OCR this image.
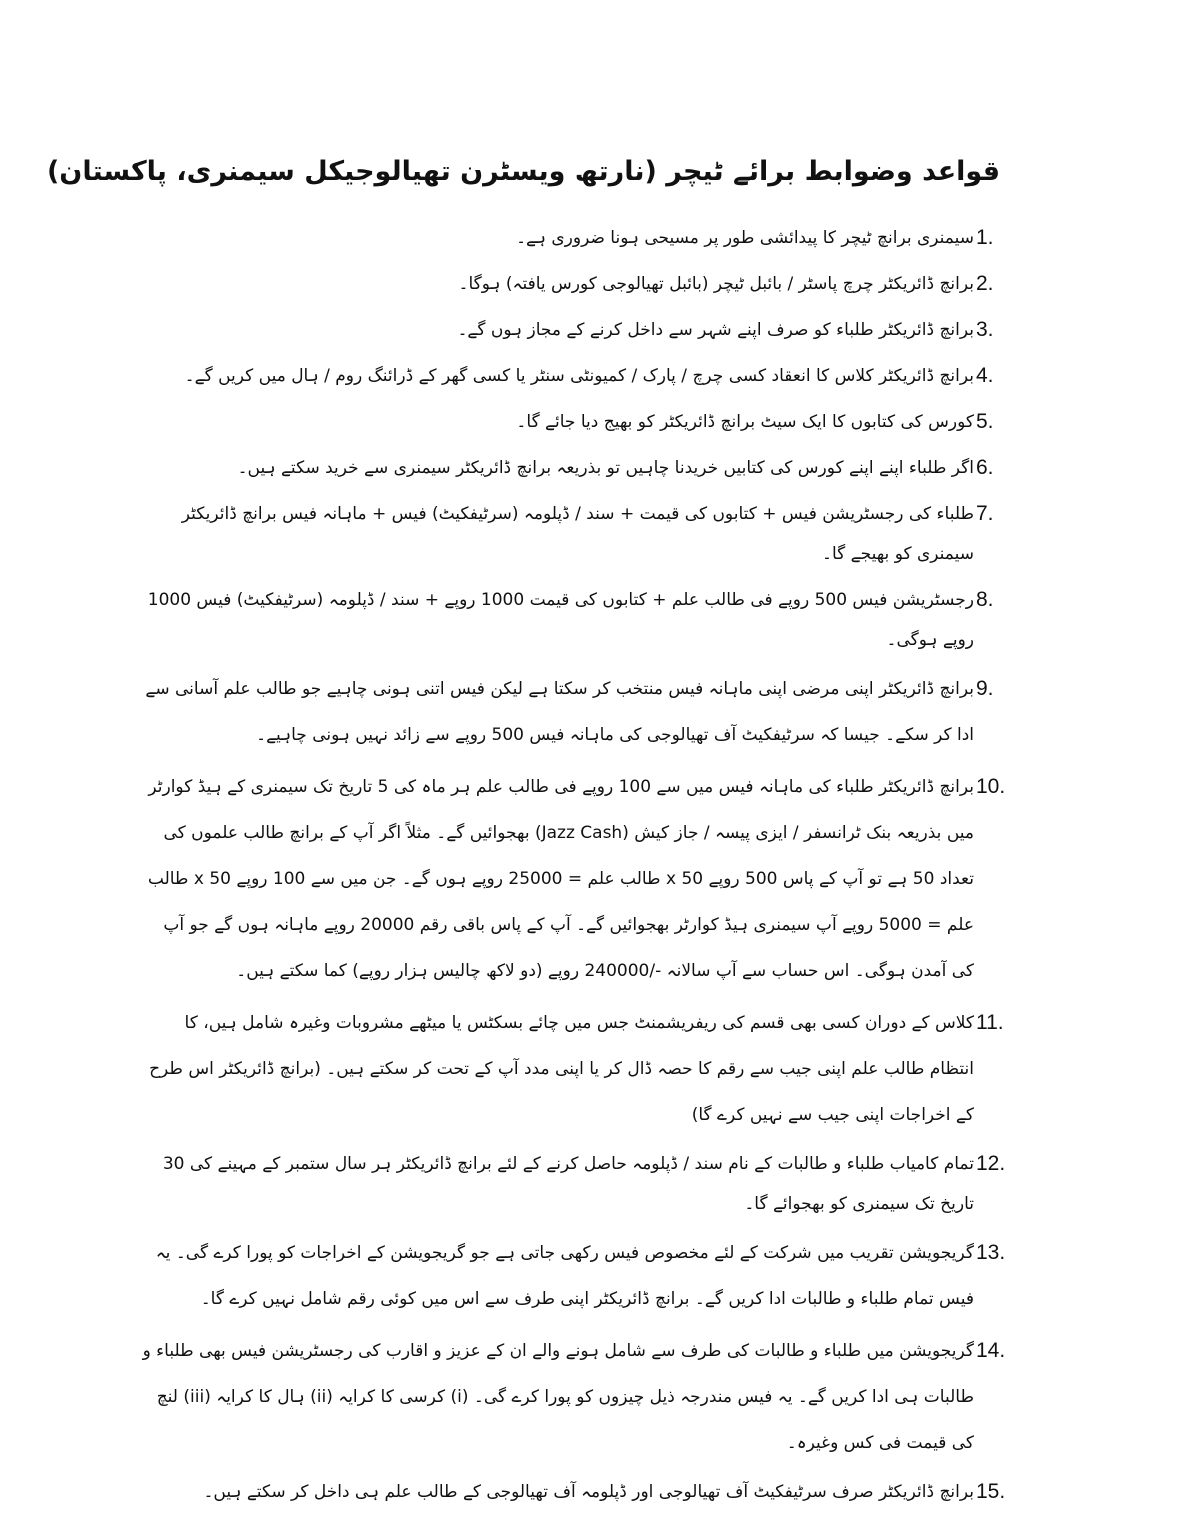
قواعد وضوابط برائے ٹیچر (نارتھ ویسٹرن تھیالوجیکل سیمنری، پاکستان)
1.
سیمنری برانچ ٹیچر کا پیدائشی طور پر مسیحی ہونا ضروری ہے۔
2.
برانچ ڈائریکٹر چرچ پاسٹر / بائبل ٹیچر (بائبل تھیالوجی کورس یافتہ) ہوگا۔
3.
برانچ ڈائریکٹر طلباء کو صرف اپنے شہر سے داخل کرنے کے مجاز ہوں گے۔
4.
برانچ ڈائریکٹر کلاس کا انعقاد کسی چرچ / پارک / کمیونٹی سنٹر یا کسی گھر کے ڈرائنگ روم / ہال میں کریں گے۔
5.
کورس کی کتابوں کا ایک سیٹ برانچ ڈائریکٹر کو بھیج دیا جائے گا۔
6.
اگر طلباء اپنے اپنے کورس کی کتابیں خریدنا چاہیں تو بذریعہ برانچ ڈائریکٹر سیمنری سے خرید سکتے ہیں۔
7.
طلباء کی رجسٹریشن فیس + کتابوں کی قیمت + سند / ڈپلومہ (سرٹیفکیٹ) فیس + ماہانہ فیس برانچ ڈائریکٹر سیمنری کو بھیجے گا۔
8.
رجسٹریشن فیس 500 روپے فی طالب علم + کتابوں کی قیمت 1000 روپے + سند / ڈپلومہ (سرٹیفکیٹ) فیس 1000 روپے ہوگی۔
9.
برانچ ڈائریکٹر اپنی مرضی اپنی ماہانہ فیس منتخب کر سکتا ہے لیکن فیس اتنی ہونی چاہیے جو طالب علم آسانی سے ادا کر سکے۔ جیسا کہ سرٹیفکیٹ آف تھیالوجی کی ماہانہ فیس 500 روپے سے زائد نہیں ہونی چاہیے۔
10.
برانچ ڈائریکٹر طلباء کی ماہانہ فیس میں سے 100 روپے فی طالب علم ہر ماہ کی 5 تاریخ تک سیمنری کے ہیڈ کوارٹر میں بذریعہ بنک ٹرانسفر / ایزی پیسہ / جاز کیش (Jazz Cash) بھجوائیں گے۔ مثلاً اگر آپ کے برانچ طالب علموں کی تعداد 50 ہے تو آپ کے پاس 500 روپے x 50 طالب علم = 25000 روپے ہوں گے۔ جن میں سے 100 روپے x 50 طالب علم = 5000 روپے آپ سیمنری ہیڈ کوارٹر بھجوائیں گے۔ آپ کے پاس باقی رقم 20000 روپے ماہانہ ہوں گے جو آپ کی آمدن ہوگی۔ اس حساب سے آپ سالانہ -/240000 روپے (دو لاکھ چالیس ہزار روپے) کما سکتے ہیں۔
11.
کلاس کے دوران کسی بھی قسم کی ریفریشمنٹ جس میں چائے بسکٹس یا میٹھے مشروبات وغیرہ شامل ہیں، کا انتظام طالب علم اپنی جیب سے رقم کا حصہ ڈال کر یا اپنی مدد آپ کے تحت کر سکتے ہیں۔ (برانچ ڈائریکٹر اس طرح کے اخراجات اپنی جیب سے نہیں کرے گا)
12.
تمام کامیاب طلباء و طالبات کے نام سند / ڈپلومہ حاصل کرنے کے لئے برانچ ڈائریکٹر ہر سال ستمبر کے مہینے کی 30 تاریخ تک سیمنری کو بھجوائے گا۔
13.
گریجویشن تقریب میں شرکت کے لئے مخصوص فیس رکھی جاتی ہے جو گریجویشن کے اخراجات کو پورا کرے گی۔ یہ فیس تمام طلباء و طالبات ادا کریں گے۔ برانچ ڈائریکٹر اپنی طرف سے اس میں کوئی رقم شامل نہیں کرے گا۔
14.
گریجویشن میں طلباء و طالبات کی طرف سے شامل ہونے والے ان کے عزیز و اقارب کی رجسٹریشن فیس بھی طلباء و طالبات ہی ادا کریں گے۔ یہ فیس مندرجہ ذیل چیزوں کو پورا کرے گی۔ (i) کرسی کا کرایہ (ii) ہال کا کرایہ (iii) لنچ کی قیمت فی کس وغیرہ۔
15.
برانچ ڈائریکٹر صرف سرٹیفکیٹ آف تھیالوجی اور ڈپلومہ آف تھیالوجی کے طالب علم ہی داخل کر سکتے ہیں۔
